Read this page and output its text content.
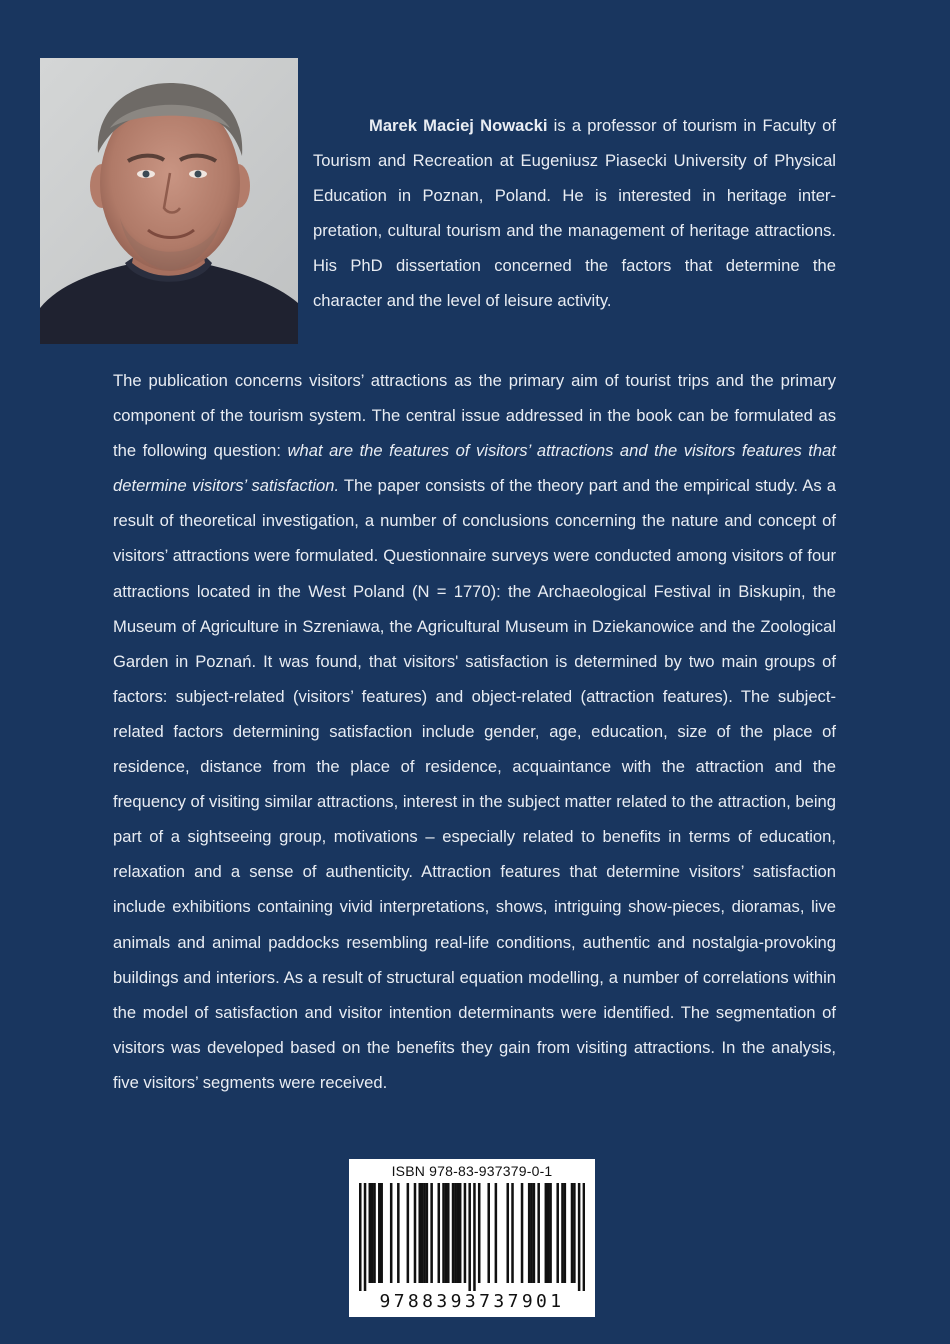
Marek Maciej Nowacki is a professor of tourism in Faculty of Tourism and Recreation at Eugeniusz Piasecki University of Physical Education in Poznan, Poland. He is interested in heritage interpretation, cultural tourism and the management of heritage attractions. His PhD dissertation concerned the factors that determine the character and the level of leisure activity.
The publication concerns visitors’ attractions as the primary aim of tourist trips and the primary component of the tourism system. The central issue addressed in the book can be formulated as the following question: what are the features of visitors’ attractions and the visitors features that determine visitors’ satisfaction. The paper consists of the theory part and the empirical study. As a result of theoretical investigation, a number of conclusions concerning the nature and concept of visitors’ attractions were formulated. Questionnaire surveys were conducted among visitors of four attractions located in the West Poland (N = 1770): the Archaeological Festival in Biskupin, the Museum of Agriculture in Szreniawa, the Agricultural Museum in Dziekanowice and the Zoological Garden in Poznań. It was found, that visitors' satisfaction is determined by two main groups of factors: subject-related (visitors’ features) and object-related (attraction features). The subject-related factors determining satisfaction include gender, age, education, size of the place of residence, distance from the place of residence, acquaintance with the attraction and the frequency of visiting similar attractions, interest in the subject matter related to the attraction, being part of a sightseeing group, motivations – especially related to benefits in terms of education, relaxation and a sense of authenticity. Attraction features that determine visitors’ satisfaction include exhibitions containing vivid interpretations, shows, intriguing show-pieces, dioramas, live animals and animal paddocks resembling real-life conditions, authentic and nostalgia-provoking buildings and interiors. As a result of structural equation modelling, a number of correlations within the model of satisfaction and visitor intention determinants were identified. The segmentation of visitors was developed based on the benefits they gain from visiting attractions. In the analysis, five visitors’ segments were received.
ISBN 978-83-937379-0-1
9788393737901
